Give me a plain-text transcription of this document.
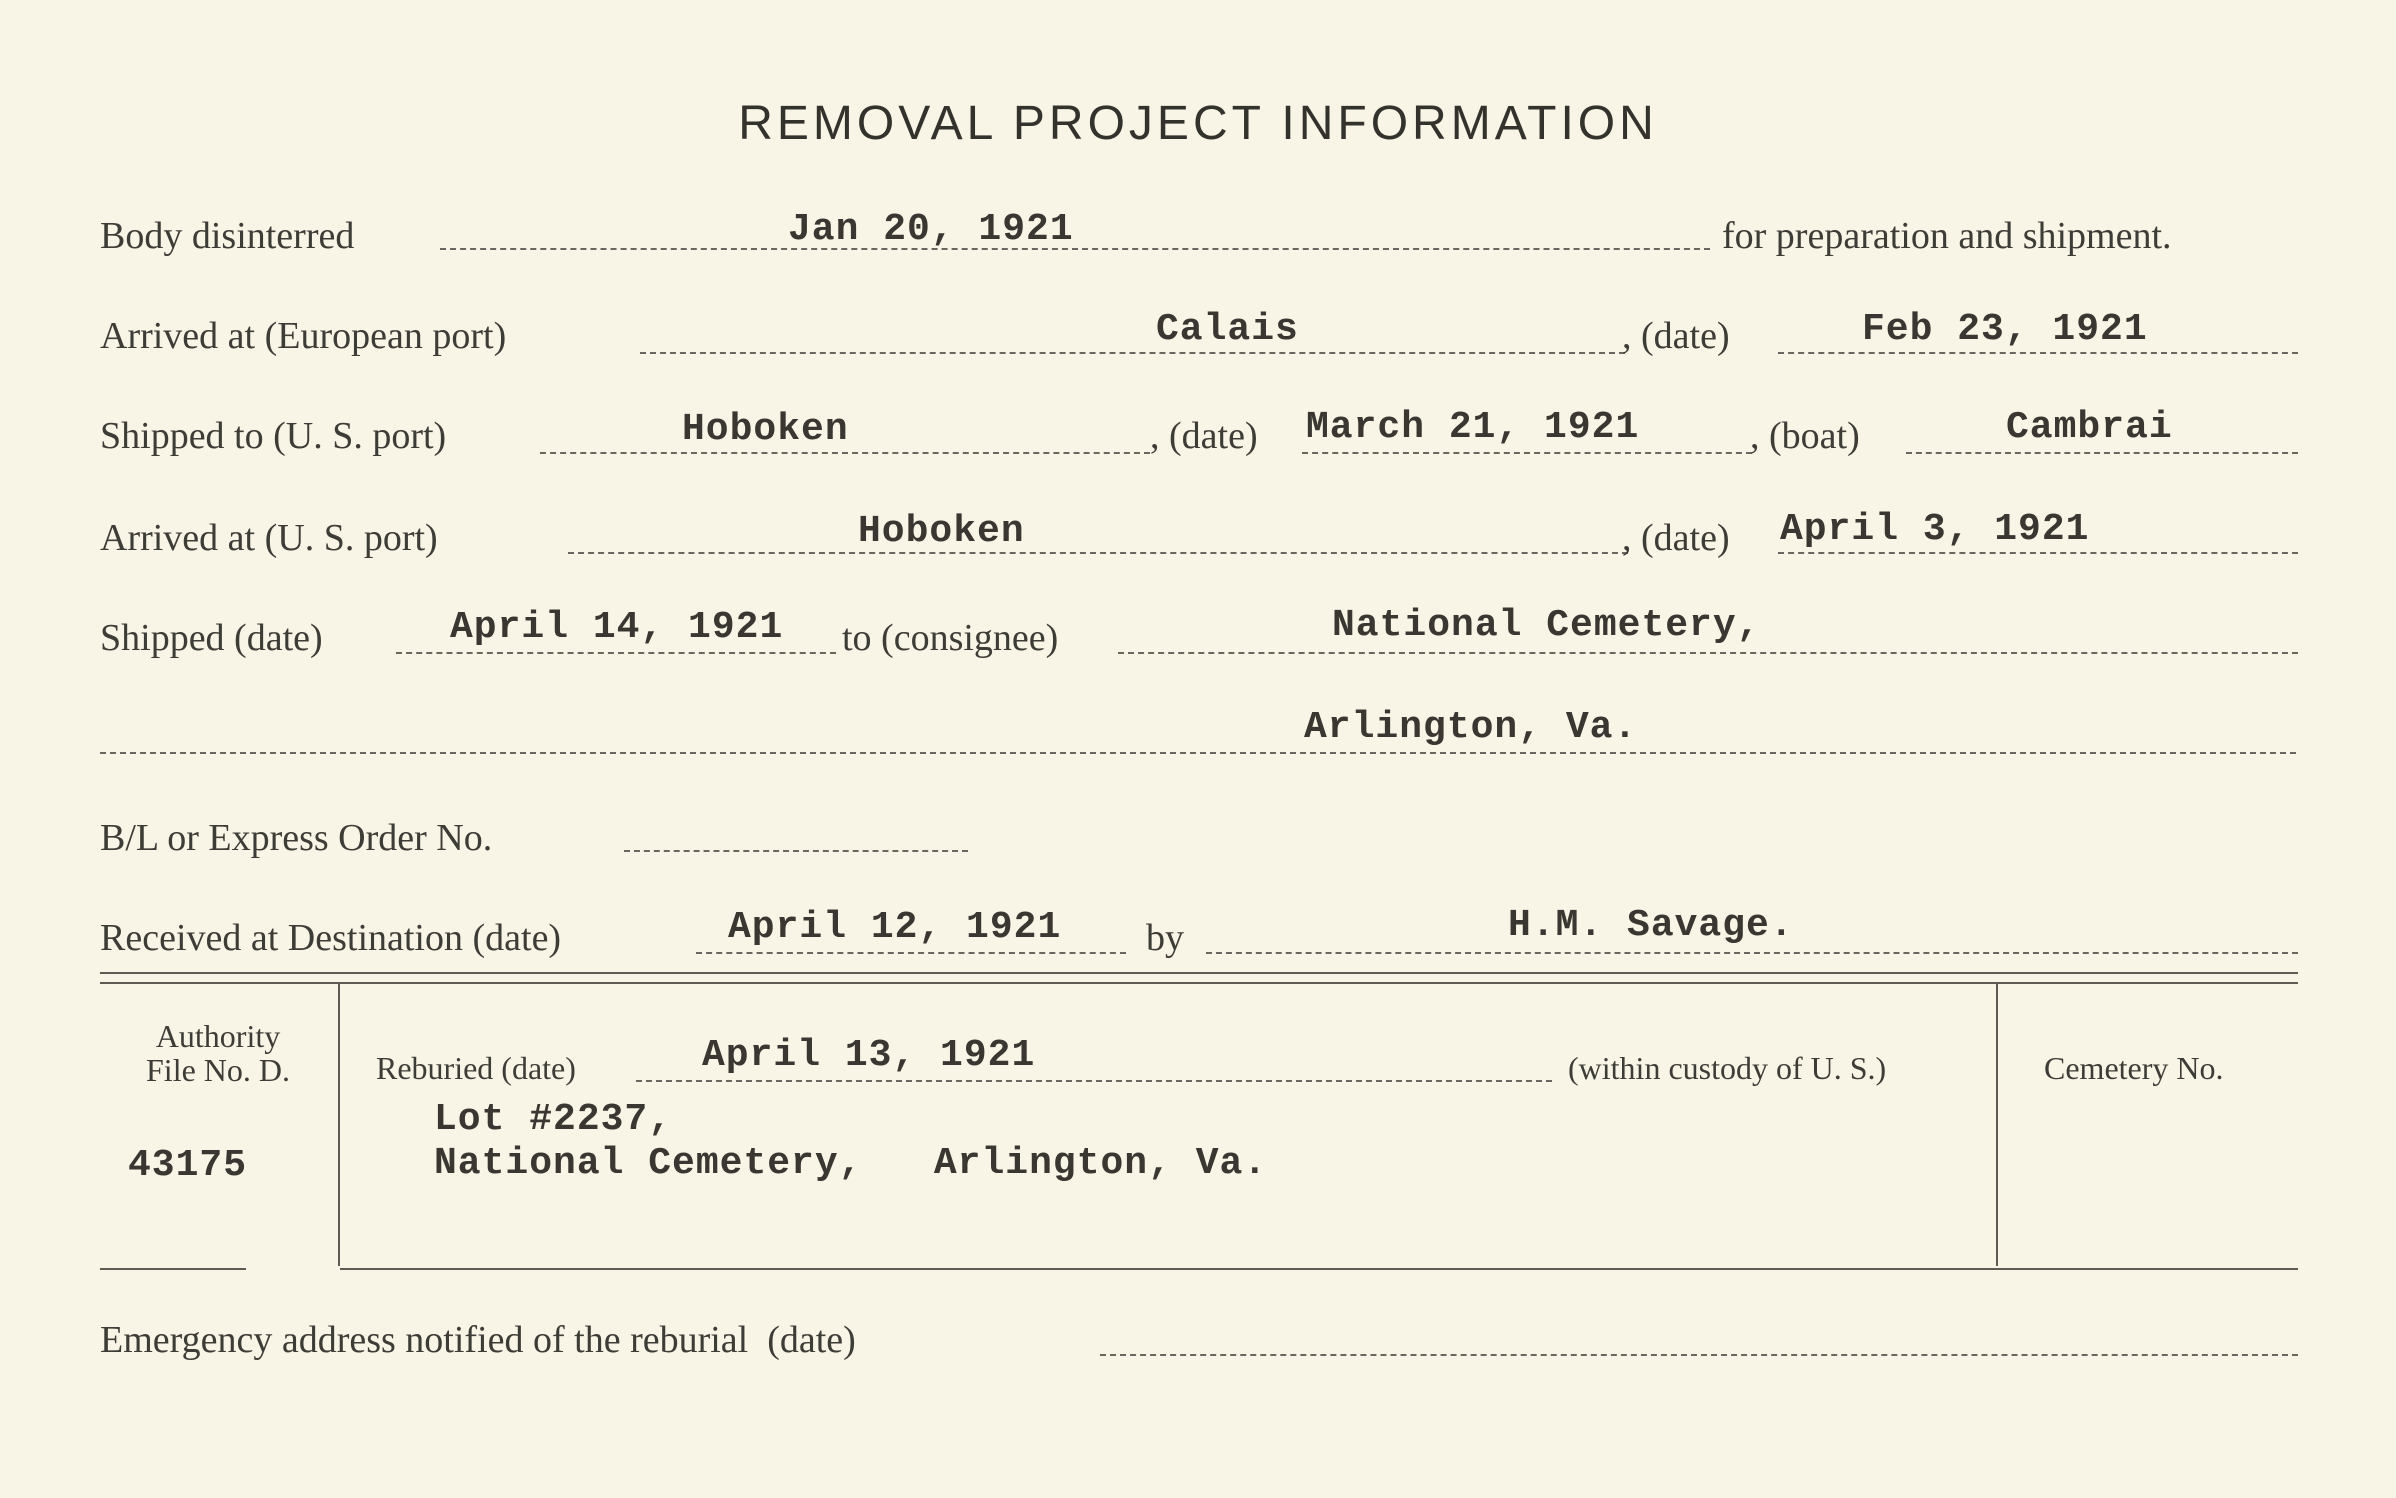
REMOVAL PROJECT INFORMATION
Body disinterred	Jan 20, 1921	for preparation and shipment.
Arrived at (European port)	Calais	, (date)	Feb 23, 1921
Shipped to (U. S. port)	Hoboken	, (date) March 21, 1921	, (boat)	Cambrai
Arrived at (U. S. port)	Hoboken	, (date) April 3, 1921
Shipped (date)	April 14, 1921 to (consignee)	National Cemetery,
Arlington, Va.
B/L or Express Order No.
Received at Destination (date)	April 12, 1921 by	H.M. Savage.
Authority
File No. D.
43175
Reburied (date)	April 13, 1921	(within custody of U. S.)
Lot #2237,
National Cemetery,   Arlington, Va.
Cemetery No.
Emergency address notified of the reburial  (date)
